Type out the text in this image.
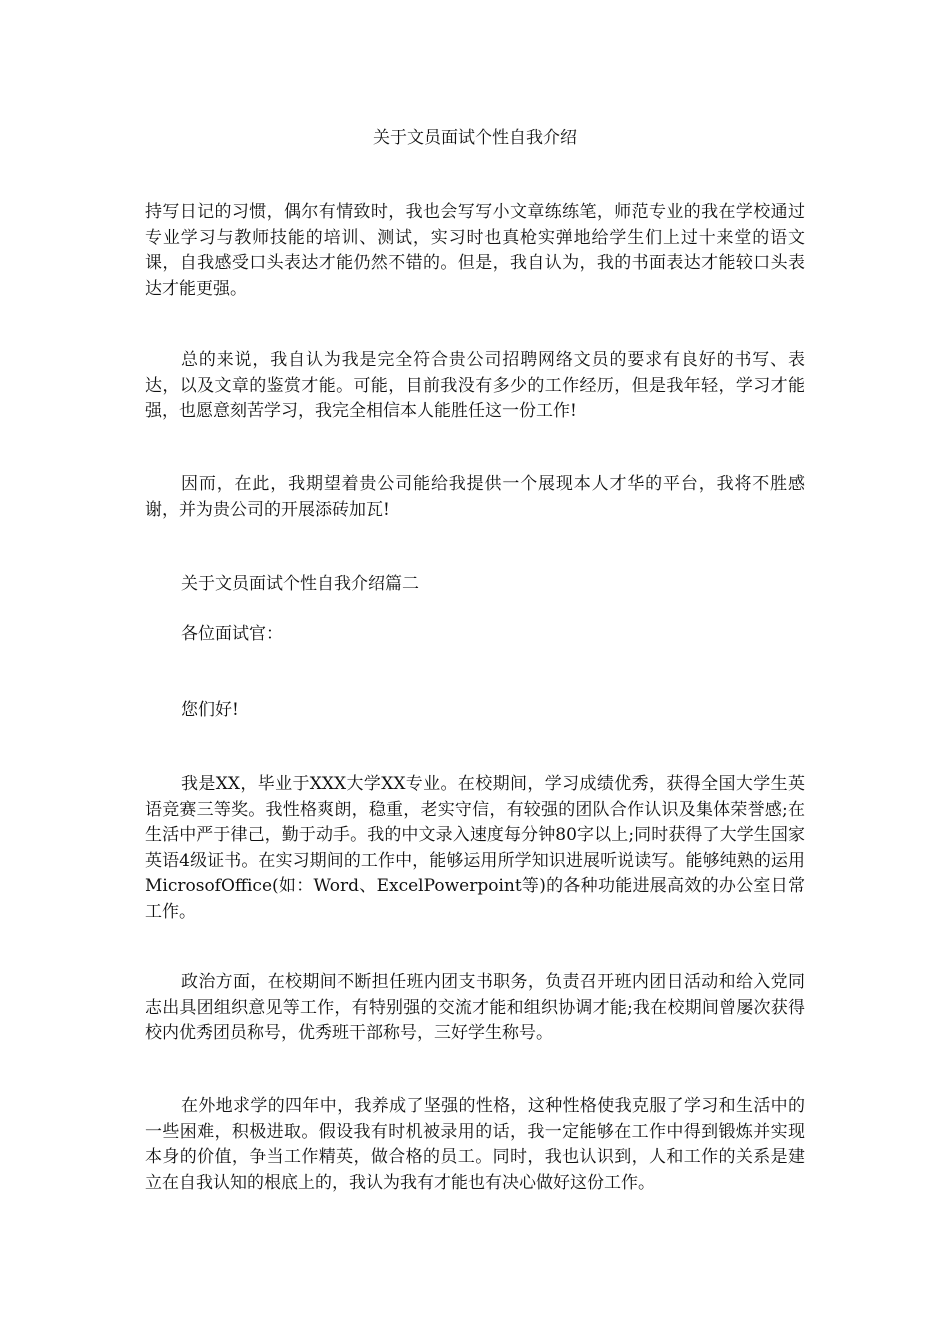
关于文员面试个性自我介绍

持写日记的习惯，偶尔有情致时，我也会写写小文章练练笔，师范专业的我在学校通过专业学习与教师技能的培训、测试，实习时也真枪实弹地给学生们上过十来堂的语文课，自我感受口头表达才能仍然不错的。但是，我自认为，我的书面表达才能较口头表达才能更强。

总的来说，我自认为我是完全符合贵公司招聘网络文员的要求有良好的书写、表达，以及文章的鉴赏才能。可能，目前我没有多少的工作经历，但是我年轻，学习才能强，也愿意刻苦学习，我完全相信本人能胜任这一份工作!

因而，在此，我期望着贵公司能给我提供一个展现本人才华的平台，我将不胜感谢，并为贵公司的开展添砖加瓦!

关于文员面试个性自我介绍篇二

各位面试官：

您们好!

我是XX，毕业于XXX大学XX专业。在校期间，学习成绩优秀，获得全国大学生英语竞赛三等奖。我性格爽朗，稳重，老实守信，有较强的团队合作认识及集体荣誉感;在生活中严于律己，勤于动手。我的中文录入速度每分钟80字以上;同时获得了大学生国家英语4级证书。在实习期间的工作中，能够运用所学知识进展听说读写。能够纯熟的运用MicrosofOffice(如：Word、ExcelPowerpoint等)的各种功能进展高效的办公室日常工作。

政治方面，在校期间不断担任班内团支书职务，负责召开班内团日活动和给入党同志出具团组织意见等工作，有特别强的交流才能和组织协调才能;我在校期间曾屡次获得校内优秀团员称号，优秀班干部称号，三好学生称号。

在外地求学的四年中，我养成了坚强的性格，这种性格使我克服了学习和生活中的一些困难，积极进取。假设我有时机被录用的话，我一定能够在工作中得到锻炼并实现本身的价值，争当工作精英，做合格的员工。同时，我也认识到，人和工作的关系是建立在自我认知的根底上的，我认为我有才能也有决心做好这份工作。
